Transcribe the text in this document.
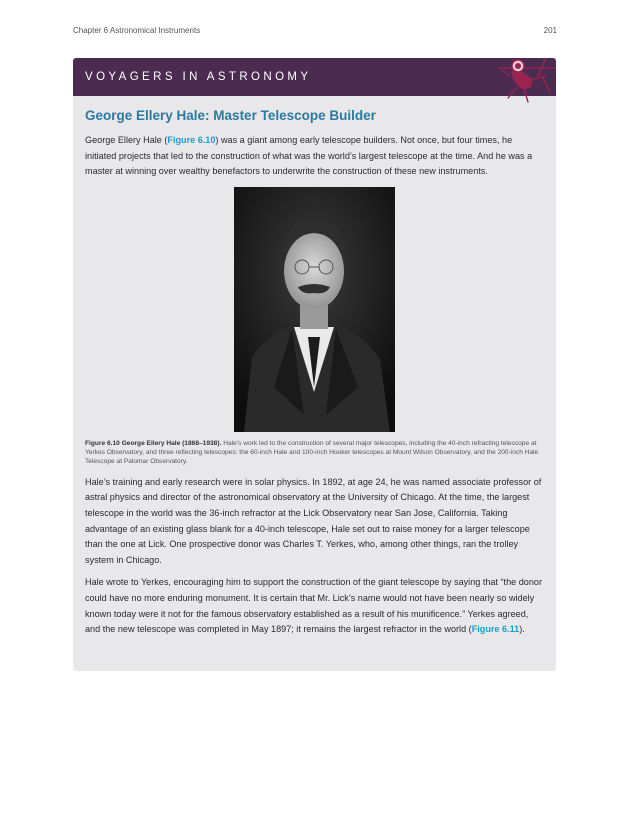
Chapter 6 Astronomical Instruments	201
VOYAGERS IN ASTRONOMY
George Ellery Hale: Master Telescope Builder

George Ellery Hale (Figure 6.10) was a giant among early telescope builders. Not once, but four times, he initiated projects that led to the construction of what was the world’s largest telescope at the time. And he was a master at winning over wealthy benefactors to underwrite the construction of these new instruments.

Figure 6.10 George Ellery Hale (1868–1938). Hale’s work led to the construction of several major telescopes, including the 40-inch refracting telescope at Yerkes Observatory, and three reflecting telescopes: the 60-inch Hale and 100-inch Hooker telescopes at Mount Wilson Observatory, and the 200-inch Hale Telescope at Palomar Observatory.

Hale’s training and early research were in solar physics. In 1892, at age 24, he was named associate professor of astral physics and director of the astronomical observatory at the University of Chicago. At the time, the largest telescope in the world was the 36-inch refractor at the Lick Observatory near San Jose, California. Taking advantage of an existing glass blank for a 40-inch telescope, Hale set out to raise money for a larger telescope than the one at Lick. One prospective donor was Charles T. Yerkes, who, among other things, ran the trolley system in Chicago.

Hale wrote to Yerkes, encouraging him to support the construction of the giant telescope by saying that “the donor could have no more enduring monument. It is certain that Mr. Lick’s name would not have been nearly so widely known today were it not for the famous observatory established as a result of his munificence.” Yerkes agreed, and the new telescope was completed in May 1897; it remains the largest refractor in the world (Figure 6.11).
